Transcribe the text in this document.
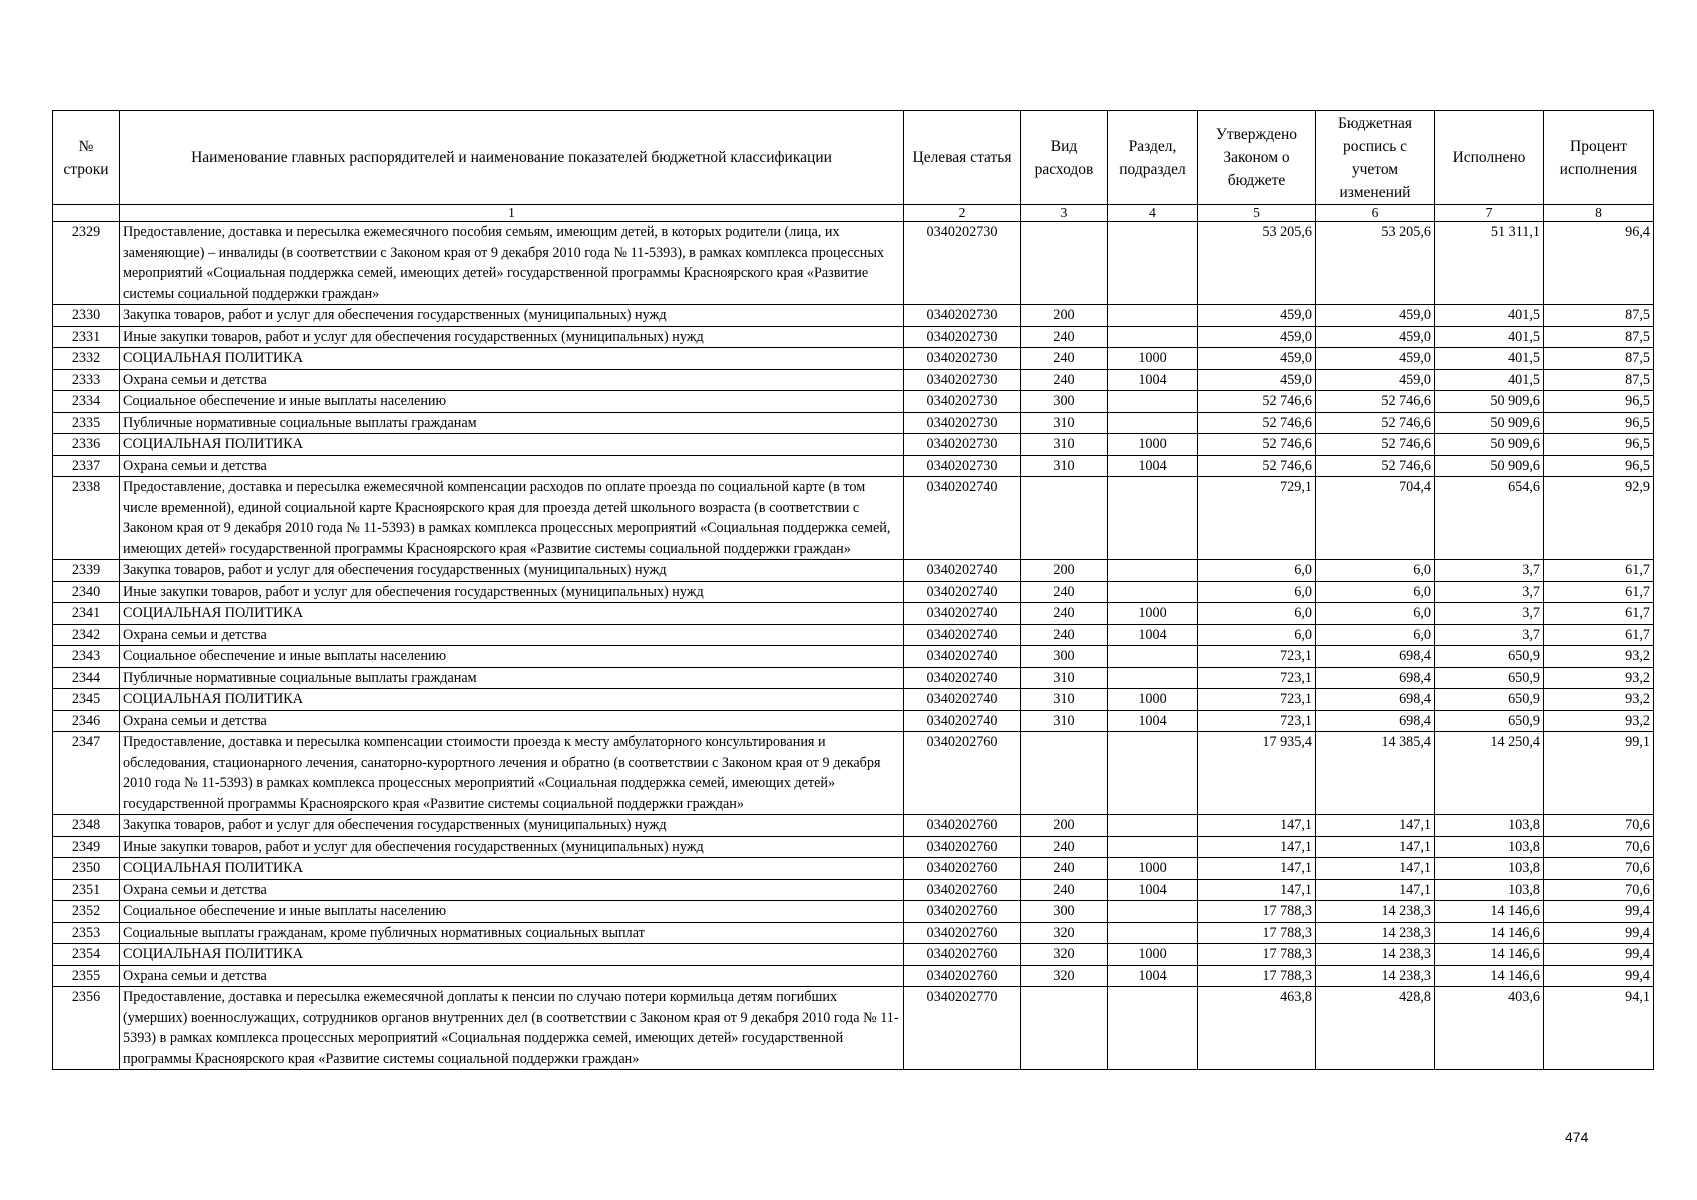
№ строки	Наименование главных распорядителей и наименование показателей бюджетной классификации	Целевая статья	Вид расходов	Раздел, подраздел	Утверждено Законом о бюджете	Бюджетная роспись с учетом изменений	Исполнено	Процент исполнения
	1	2	3	4	5	6	7	8
2329	Предоставление, доставка и пересылка ежемесячного пособия семьям, имеющим детей, в которых родители (лица, их заменяющие) – инвалиды (в соответствии с Законом края от 9 декабря 2010 года № 11-5393), в рамках комплекса процессных мероприятий «Социальная поддержка семей, имеющих детей» государственной программы Красноярского края «Развитие системы социальной поддержки граждан»	0340202730			53 205,6	53 205,6	51 311,1	96,4
2330	Закупка товаров, работ и услуг для обеспечения государственных (муниципальных) нужд	0340202730	200		459,0	459,0	401,5	87,5
2331	Иные закупки товаров, работ и услуг для обеспечения государственных (муниципальных) нужд	0340202730	240		459,0	459,0	401,5	87,5
2332	СОЦИАЛЬНАЯ ПОЛИТИКА	0340202730	240	1000	459,0	459,0	401,5	87,5
2333	Охрана семьи и детства	0340202730	240	1004	459,0	459,0	401,5	87,5
2334	Социальное обеспечение и иные выплаты населению	0340202730	300		52 746,6	52 746,6	50 909,6	96,5
2335	Публичные нормативные социальные выплаты гражданам	0340202730	310		52 746,6	52 746,6	50 909,6	96,5
2336	СОЦИАЛЬНАЯ ПОЛИТИКА	0340202730	310	1000	52 746,6	52 746,6	50 909,6	96,5
2337	Охрана семьи и детства	0340202730	310	1004	52 746,6	52 746,6	50 909,6	96,5
2338	Предоставление, доставка и пересылка ежемесячной компенсации расходов по оплате проезда по социальной карте (в том числе временной), единой социальной карте Красноярского края для проезда детей школьного возраста (в соответствии с Законом края от 9 декабря 2010 года № 11-5393) в рамках комплекса процессных мероприятий «Социальная поддержка семей, имеющих детей» государственной программы Красноярского края «Развитие системы социальной поддержки граждан»	0340202740			729,1	704,4	654,6	92,9
2339	Закупка товаров, работ и услуг для обеспечения государственных (муниципальных) нужд	0340202740	200		6,0	6,0	3,7	61,7
2340	Иные закупки товаров, работ и услуг для обеспечения государственных (муниципальных) нужд	0340202740	240		6,0	6,0	3,7	61,7
2341	СОЦИАЛЬНАЯ ПОЛИТИКА	0340202740	240	1000	6,0	6,0	3,7	61,7
2342	Охрана семьи и детства	0340202740	240	1004	6,0	6,0	3,7	61,7
2343	Социальное обеспечение и иные выплаты населению	0340202740	300		723,1	698,4	650,9	93,2
2344	Публичные нормативные социальные выплаты гражданам	0340202740	310		723,1	698,4	650,9	93,2
2345	СОЦИАЛЬНАЯ ПОЛИТИКА	0340202740	310	1000	723,1	698,4	650,9	93,2
2346	Охрана семьи и детства	0340202740	310	1004	723,1	698,4	650,9	93,2
2347	Предоставление, доставка и пересылка компенсации стоимости проезда к месту амбулаторного консультирования и обследования, стационарного лечения, санаторно-курортного лечения и обратно (в соответствии с Законом края от 9 декабря 2010 года № 11-5393) в рамках комплекса процессных мероприятий «Социальная поддержка семей, имеющих детей» государственной программы Красноярского края «Развитие системы социальной поддержки граждан»	0340202760			17 935,4	14 385,4	14 250,4	99,1
2348	Закупка товаров, работ и услуг для обеспечения государственных (муниципальных) нужд	0340202760	200		147,1	147,1	103,8	70,6
2349	Иные закупки товаров, работ и услуг для обеспечения государственных (муниципальных) нужд	0340202760	240		147,1	147,1	103,8	70,6
2350	СОЦИАЛЬНАЯ ПОЛИТИКА	0340202760	240	1000	147,1	147,1	103,8	70,6
2351	Охрана семьи и детства	0340202760	240	1004	147,1	147,1	103,8	70,6
2352	Социальное обеспечение и иные выплаты населению	0340202760	300		17 788,3	14 238,3	14 146,6	99,4
2353	Социальные выплаты гражданам, кроме публичных нормативных социальных выплат	0340202760	320		17 788,3	14 238,3	14 146,6	99,4
2354	СОЦИАЛЬНАЯ ПОЛИТИКА	0340202760	320	1000	17 788,3	14 238,3	14 146,6	99,4
2355	Охрана семьи и детства	0340202760	320	1004	17 788,3	14 238,3	14 146,6	99,4
2356	Предоставление, доставка и пересылка ежемесячной доплаты к пенсии по случаю потери кормильца детям погибших (умерших) военнослужащих, сотрудников органов внутренних дел (в соответствии с Законом края от 9 декабря 2010 года № 11-5393) в рамках комплекса процессных мероприятий «Социальная поддержка семей, имеющих детей» государственной программы Красноярского края «Развитие системы социальной поддержки граждан»	0340202770			463,8	428,8	403,6	94,1
474
